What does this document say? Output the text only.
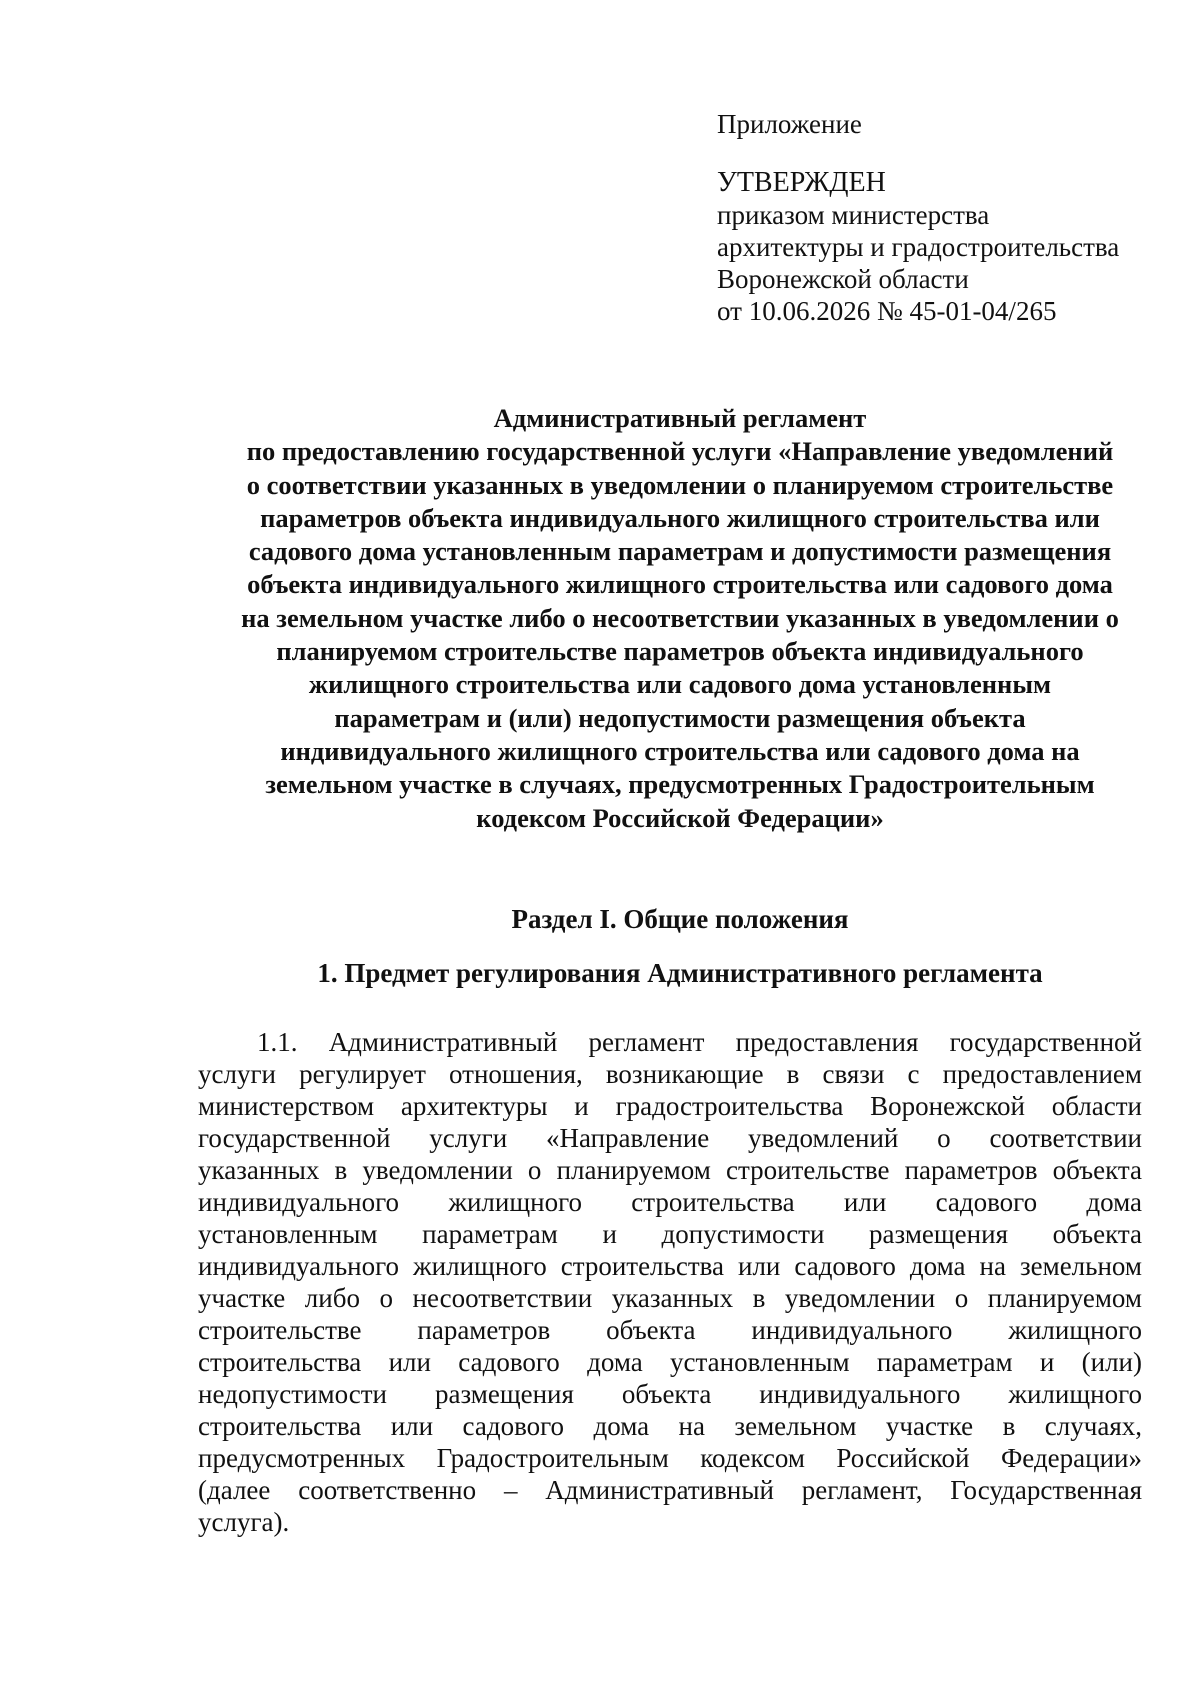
Приложение
УТВЕРЖДЕН
приказом министерства
архитектуры и градостроительства
Воронежской области
от 10.06.2026 № 45-01-04/265
Административный регламент
по предоставлению государственной услуги «Направление уведомлений
о соответствии указанных в уведомлении о планируемом строительстве
параметров объекта индивидуального жилищного строительства или
садового дома установленным параметрам и допустимости размещения
объекта индивидуального жилищного строительства или садового дома
на земельном участке либо о несоответствии указанных в уведомлении о
планируемом строительстве параметров объекта индивидуального
жилищного строительства или садового дома установленным
параметрам и (или) недопустимости размещения объекта
индивидуального жилищного строительства или садового дома на
земельном участке в случаях, предусмотренных Градостроительным
кодексом Российской Федерации»
Раздел I. Общие положения
1. Предмет регулирования Административного регламента
1.1. Административный регламент предоставления государственной
услуги регулирует отношения, возникающие в связи с предоставлением
министерством архитектуры и градостроительства Воронежской области
государственной услуги «Направление уведомлений о соответствии
указанных в уведомлении о планируемом строительстве параметров объекта
индивидуального жилищного строительства или садового дома
установленным параметрам и допустимости размещения объекта
индивидуального жилищного строительства или садового дома на земельном
участке либо о несоответствии указанных в уведомлении о планируемом
строительстве параметров объекта индивидуального жилищного
строительства или садового дома установленным параметрам и (или)
недопустимости размещения объекта индивидуального жилищного
строительства или садового дома на земельном участке в случаях,
предусмотренных Градостроительным кодексом Российской Федерации»
(далее соответственно – Административный регламент, Государственная
услуга).
